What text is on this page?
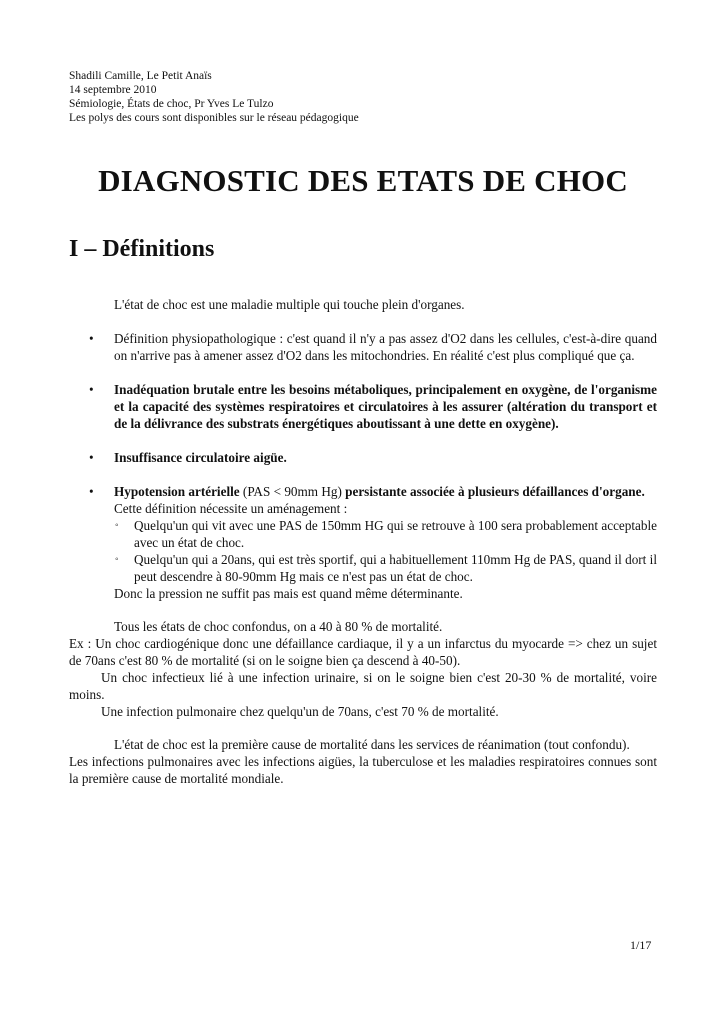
Shadili Camille, Le Petit Anaïs
14 septembre 2010
Sémiologie, États de choc, Pr Yves Le Tulzo
Les polys des cours sont disponibles sur le réseau pédagogique
DIAGNOSTIC DES ETATS DE CHOC
I – Définitions

L'état de choc est une maladie multiple qui touche plein d'organes.

• Définition physiopathologique : c'est quand il n'y a pas assez d'O2 dans les cellules, c'est-à-dire quand on n'arrive pas à amener assez d'O2 dans les mitochondries. En réalité c'est plus compliqué que ça.
• Inadéquation brutale entre les besoins métaboliques, principalement en oxygène, de l'organisme et la capacité des systèmes respiratoires et circulatoires à les assurer (altération du transport et de la délivrance des substrats énergétiques aboutissant à une dette en oxygène).
• Insuffisance circulatoire aigüe.
• Hypotension artérielle (PAS < 90mm Hg) persistante associée à plusieurs défaillances d'organe.
Cette définition nécessite un aménagement :
◦ Quelqu'un qui vit avec une PAS de 150mm HG qui se retrouve à 100 sera probablement acceptable avec un état de choc.
◦ Quelqu'un qui a 20ans, qui est très sportif, qui a habituellement 110mm Hg de PAS, quand il dort il peut descendre à 80-90mm Hg mais ce n'est pas un état de choc.
Donc la pression ne suffit pas mais est quand même déterminante.

Tous les états de choc confondus, on a 40 à 80 % de mortalité.

Ex : Un choc cardiogénique donc une défaillance cardiaque, il y a un infarctus du myocarde => chez un sujet de 70ans c'est 80 % de mortalité (si on le soigne bien ça descend à 40-50).

Un choc infectieux lié à une infection urinaire, si on le soigne bien c'est 20-30 % de mortalité, voire moins.

Une infection pulmonaire chez quelqu'un de 70ans, c'est 70 % de mortalité.

L'état de choc est la première cause de mortalité dans les services de réanimation (tout confondu).

Les infections pulmonaires avec les infections aigües, la tuberculose et les maladies respiratoires connues sont la première cause de mortalité mondiale.

1/17
